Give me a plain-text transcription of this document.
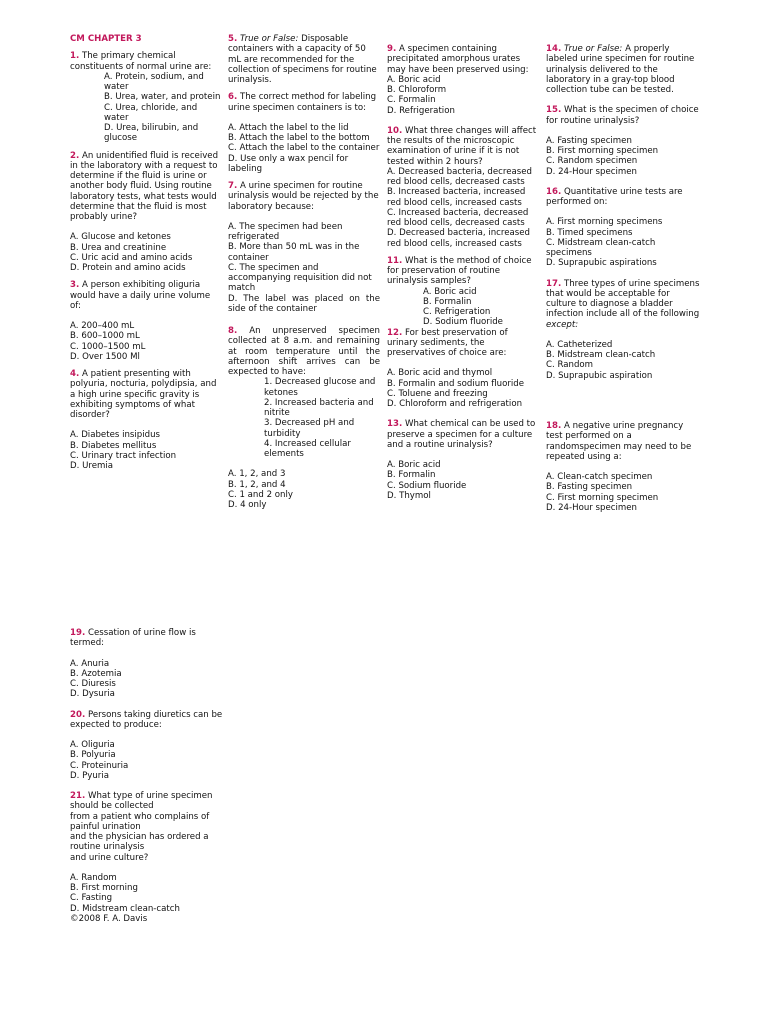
CM CHAPTER 3
1. The primary chemical constituents of normal urine are:
A. Protein, sodium, and water
B. Urea, water, and protein
C. Urea, chloride, and water
D. Urea, bilirubin, and glucose
2. An unidentified fluid is received in the laboratory with a request to determine if the fluid is urine or another body fluid. Using routine laboratory tests, what tests would determine that the fluid is most probably urine?
A. Glucose and ketones
B. Urea and creatinine
C. Uric acid and amino acids
D. Protein and amino acids
3. A person exhibiting oliguria would have a daily urine volume of:
A. 200–400 mL
B. 600–1000 mL
C. 1000–1500 mL
D. Over 1500 Ml
4. A patient presenting with polyuria, nocturia, polydipsia, and a high urine specific gravity is exhibiting symptoms of what disorder?
A. Diabetes insipidus
B. Diabetes mellitus
C. Urinary tract infection
D. Uremia
5. True or False: Disposable containers with a capacity of 50 mL are recommended for the collection of specimens for routine urinalysis.
6. The correct method for labeling urine specimen containers is to:
A. Attach the label to the lid
B. Attach the label to the bottom
C. Attach the label to the container
D. Use only a wax pencil for labeling
7. A urine specimen for routine urinalysis would be rejected by the laboratory because:
A. The specimen had been refrigerated
B. More than 50 mL was in the container
C. The specimen and accompanying requisition did not match
D. The label was placed on the side of the container
8. An unpreserved specimen collected at 8 a.m. and remaining at room temperature until the afternoon shift arrives can be expected to have:
1. Decreased glucose and ketones
2. Increased bacteria and nitrite
3. Decreased pH and turbidity
4. Increased cellular elements
A. 1, 2, and 3
B. 1, 2, and 4
C. 1 and 2 only
D. 4 only
9. A specimen containing precipitated amorphous urates may have been preserved using:
A. Boric acid
B. Chloroform
C. Formalin
D. Refrigeration
10. What three changes will affect the results of the microscopic examination of urine if it is not tested within 2 hours?
A. Decreased bacteria, decreased red blood cells, decreased casts
B. Increased bacteria, increased red blood cells, increased casts
C. Increased bacteria, decreased red blood cells, decreased casts
D. Decreased bacteria, increased red blood cells, increased casts
11. What is the method of choice for preservation of routine urinalysis samples?
A. Boric acid
B. Formalin
C. Refrigeration
D. Sodium fluoride
12. For best preservation of urinary sediments, the preservatives of choice are:
A. Boric acid and thymol
B. Formalin and sodium fluoride
C. Toluene and freezing
D. Chloroform and refrigeration
13. What chemical can be used to preserve a specimen for a culture and a routine urinalysis?
A. Boric acid
B. Formalin
C. Sodium fluoride
D. Thymol
14. True or False: A properly labeled urine specimen for routine urinalysis delivered to the laboratory in a gray-top blood collection tube can be tested.
15. What is the specimen of choice for routine urinalysis?
A. Fasting specimen
B. First morning specimen
C. Random specimen
D. 24-Hour specimen
16. Quantitative urine tests are performed on:
A. First morning specimens
B. Timed specimens
C. Midstream clean-catch specimens
D. Suprapubic aspirations
17. Three types of urine specimens that would be acceptable for culture to diagnose a bladder infection include all of the following except:
A. Catheterized
B. Midstream clean-catch
C. Random
D. Suprapubic aspiration
18. A negative urine pregnancy test performed on a randomspecimen may need to be repeated using a:
A. Clean-catch specimen
B. Fasting specimen
C. First morning specimen
D. 24-Hour specimen
19. Cessation of urine flow is termed:
A. Anuria
B. Azotemia
C. Diuresis
D. Dysuria
20. Persons taking diuretics can be expected to produce:
A. Oliguria
B. Polyuria
C. Proteinuria
D. Pyuria
21. What type of urine specimen should be collected
from a patient who complains of painful urination
and the physician has ordered a routine urinalysis
and urine culture?
A. Random
B. First morning
C. Fasting
D. Midstream clean-catch
©2008 F. A. Davis
